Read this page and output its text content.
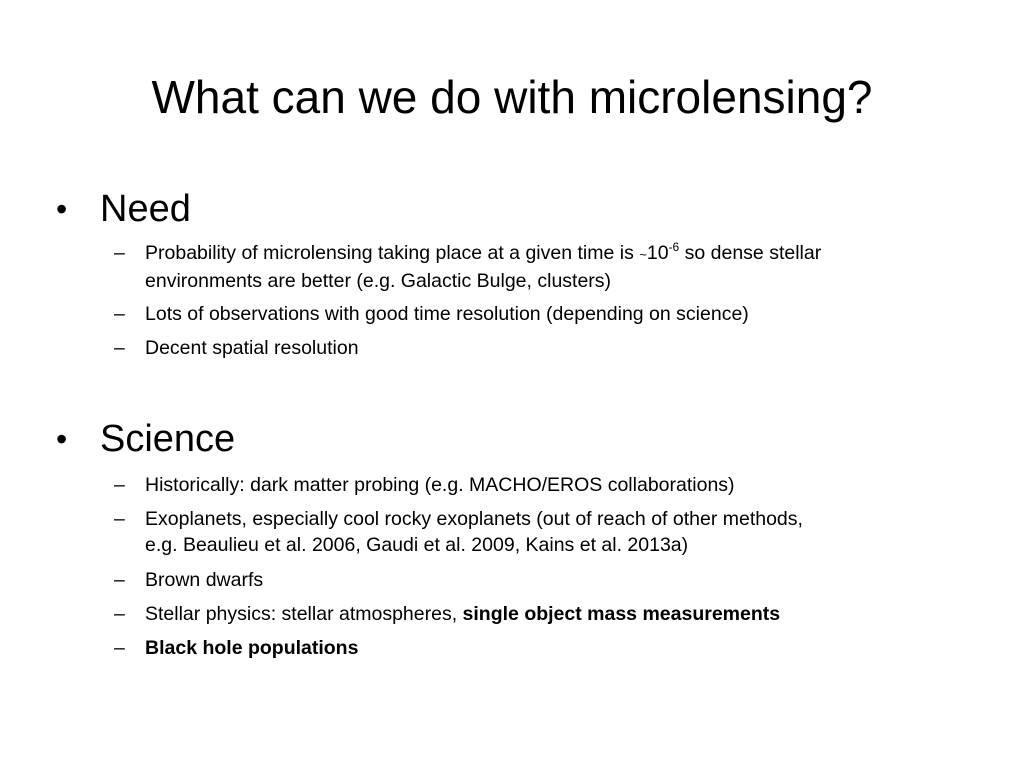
What can we do with microlensing?
• Need
– Probability of microlensing taking place at a given time is $\sim 10^{-6}$ so dense stellar
environments are better (e.g. Galactic Bulge, clusters)
– Lots of observations with good time resolution (depending on science)
– Decent spatial resolution
• Science
– Historically: dark matter probing (e.g. MACHO/EROS collaborations)
– Exoplanets, especially cool rocky exoplanets (out of reach of other methods,
e.g. Beaulieu et al. 2006, Gaudi et al. 2009, Kains et al. 2013a)
– Brown dwarfs
– Stellar physics: stellar atmospheres, single object mass measurements
– Black hole populations
